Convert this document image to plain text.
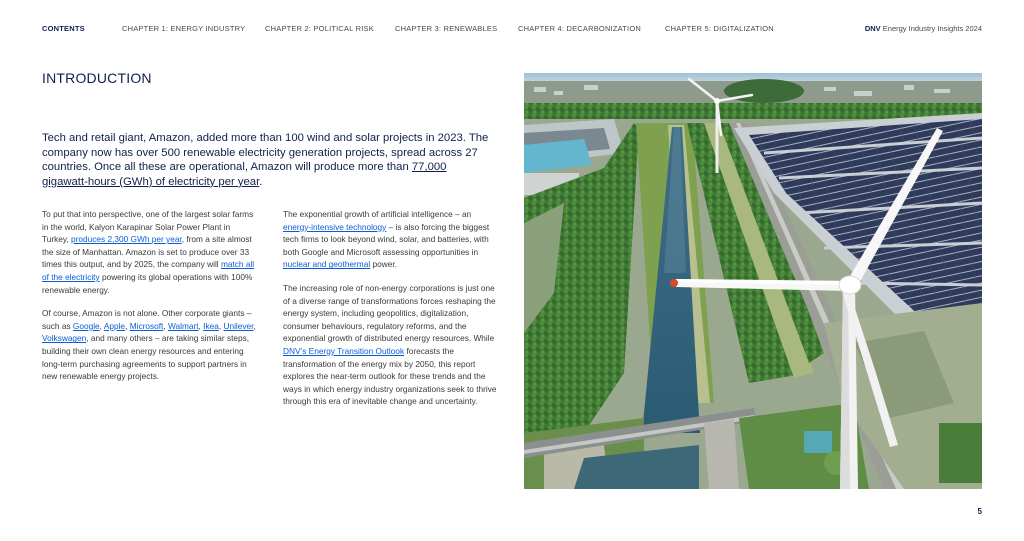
CONTENTS	CHAPTER 1: ENERGY INDUSTRY	CHAPTER 2: POLITICAL RISK	CHAPTER 3: RENEWABLES	CHAPTER 4: DECARBONIZATION	CHAPTER 5: DIGITALIZATION	DNV Energy Industry Insights 2024
INTRODUCTION

Tech and retail giant, Amazon, added more than 100 wind and solar projects in 2023. The company now has over 500 renewable electricity generation projects, spread across 27 countries. Once all these are operational, Amazon will produce more than 77,000 gigawatt-hours (GWh) of electricity per year.

To put that into perspective, one of the largest solar farms in the world, Kalyon Karapinar Solar Power Plant in Turkey, produces 2,300 GWh per year, from a site almost the size of Manhattan. Amazon is set to produce over 33 times this output, and by 2025, the company will match all of the electricity powering its global operations with 100% renewable energy.

Of course, Amazon is not alone. Other corporate giants – such as Google, Apple, Microsoft, Walmart, Ikea, Unilever, Volkswagen, and many others – are taking similar steps, building their own clean energy resources and entering long-term purchasing agreements to support partners in new renewable energy projects.

The exponential growth of artificial intelligence – an energy-intensive technology – is also forcing the biggest tech firms to look beyond wind, solar, and batteries, with both Google and Microsoft assessing opportunities in nuclear and geothermal power.

The increasing role of non-energy corporations is just one of a diverse range of transformations forces reshaping the energy system, including geopolitics, digitalization, consumer behaviours, regulatory reforms, and the exponential growth of distributed energy resources. While DNV’s Energy Transition Outlook forecasts the transformation of the energy mix by 2050, this report explores the near-term outlook for these trends and the ways in which energy industry organizations seek to thrive through this era of inevitable change and uncertainty.

5
